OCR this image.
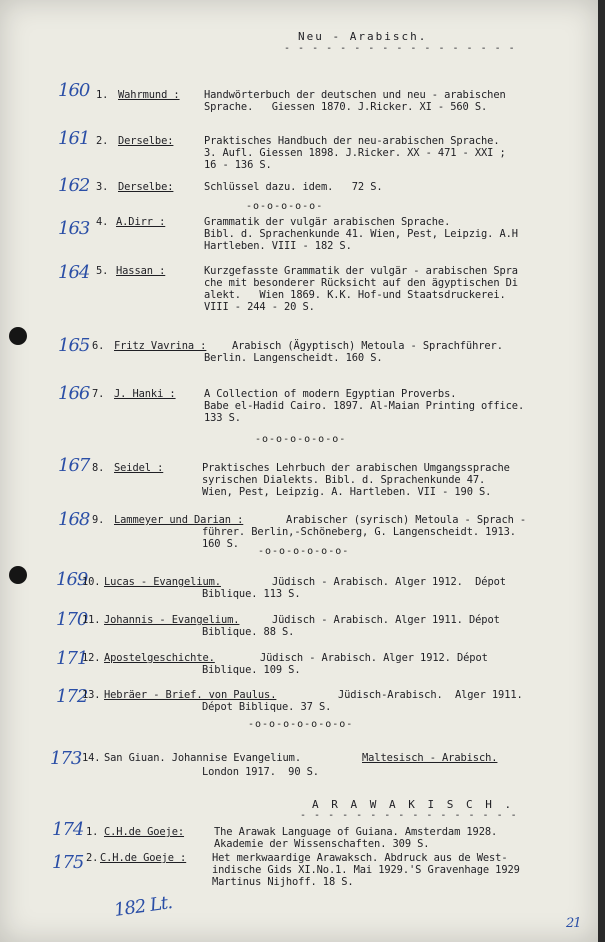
Neu - Arabisch.
- - - - - - - - - - - - - - - - -
160 1. Wahrmund : Handwörterbuch der deutschen und neu - arabischen
Sprache.   Giessen 1870. J.Ricker. XI - 560 S.
161 2. Derselbe:	Praktisches Handbuch der neu-arabischen Sprache.
3. Aufl. Giessen 1898. J.Ricker. XX - 471 - XXI ;
16 - 136 S.
162 3. Derselbe:	Schlüssel dazu. idem.   72 S.
-o-o-o-o-o-
163 4. A.Dirr :	Grammatik der vulgär arabischen Sprache.
Bibl. d. Sprachenkunde 41. Wien, Pest, Leipzig. A.H
Hartleben. VIII - 182 S.
164 5. Hassan :	Kurzgefasste Grammatik der vulgär - arabischen Spra
che mit besonderer Rücksicht auf den ägyptischen Di
alekt.   Wien 1869. K.K. Hof-und Staatsdruckerei.
VIII - 244 - 20 S.
165 6. Fritz Vavrina : Arabisch (Ägyptisch) Metoula - Sprachführer.
Berlin. Langenscheidt. 160 S.
166 7. J. Hanki :	A Collection of modern Egyptian Proverbs.
Babe el-Hadid Cairo. 1897. Al-Maian Printing office.
133 S.
-o-o-o-o-o-o-
167 8. Seidel :	Praktisches Lehrbuch der arabischen Umgangssprache
syrischen Dialekts. Bibl. d. Sprachenkunde 47.
Wien, Pest, Leipzig. A. Hartleben. VII - 190 S.
168 9. Lammeyer und Darian :	Arabischer (syrisch) Metoula - Sprach -
führer. Berlin,-Schöneberg, G. Langenscheidt. 1913.
160 S.
-o-o-o-o-o-o-
169
10. Lucas - Evangelium.	Jüdisch - Arabisch. Alger 1912.  Dépot
Biblique. 113 S.
170
11. Johannis - Evangelium.	Jüdisch - Arabisch. Alger 1911. Dépot
Biblique. 88 S.
171
12. Apostelgeschichte.	Jüdisch - Arabisch. Alger 1912. Dépot
Biblique. 109 S.
172
13. Hebräer - Brief. von Paulus.	Jüdisch-Arabisch.  Alger 1911.
Dépot Biblique. 37 S.
-o-o-o-o-o-o-o-
173 14. San Giuan. Johannise Evangelium.	Maltesisch - Arabisch.
London 1917.  90 S.
A R A W A K I S C H .
- - - - - - - - - - - - - - - -
174 1. C.H.de Goeje:	The Arawak Language of Guiana. Amsterdam 1928.
Akademie der Wissenschaften. 309 S.
175 2. C.H.de Goeje : Het merkwaardige Arawaksch. Abdruck aus de West-
indische Gids XI.No.1. Mai 1929.'S Gravenhage 1929
Martinus Nijhoff. 18 S.
182 Lt.
21
